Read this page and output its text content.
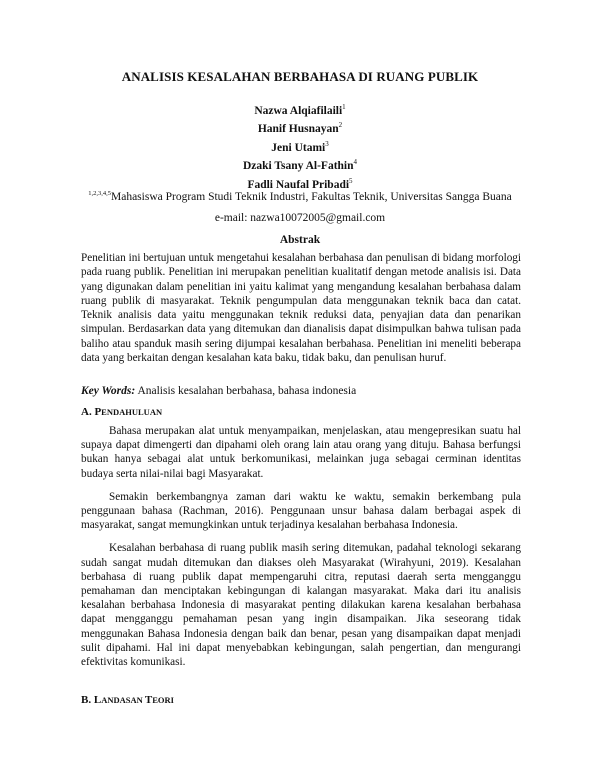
ANALISIS KESALAHAN BERBAHASA DI RUANG PUBLIK
Nazwa Alqiafilaili$^1$
Hanif Husnayan$^2$
Jeni Utami$^3$
Dzaki Tsany Al-Fathin$^4$
Fadli Naufal Pribadi$^5$
$^{1,2,3,4,5}$Mahasiswa Program Studi Teknik Industri, Fakultas Teknik, Universitas Sangga Buana
e-mail: nazwa10072005@gmail.com
Abstrak

Penelitian ini bertujuan untuk mengetahui kesalahan berbahasa dan penulisan di bidang morfologi pada ruang publik. Penelitian ini merupakan penelitian kualitatif dengan metode analisis isi. Data yang digunakan dalam penelitian ini yaitu kalimat yang mengandung kesalahan berbahasa dalam ruang publik di masyarakat. Teknik pengumpulan data menggunakan teknik baca dan catat. Teknik analisis data yaitu menggunakan teknik reduksi data, penyajian data dan penarikan simpulan. Berdasarkan data yang ditemukan dan dianalisis dapat disimpulkan bahwa tulisan pada baliho atau spanduk masih sering dijumpai kesalahan berbahasa. Penelitian ini meneliti beberapa data yang berkaitan dengan kesalahan kata baku, tidak baku, dan penulisan huruf.

Key Words: Analisis kesalahan berbahasa, bahasa indonesia

A. PENDAHULUAN

Bahasa merupakan alat untuk menyampaikan, menjelaskan, atau mengepresikan suatu hal supaya dapat dimengerti dan dipahami oleh orang lain atau orang yang dituju. Bahasa berfungsi bukan hanya sebagai alat untuk berkomunikasi, melainkan juga sebagai cerminan identitas budaya serta nilai-nilai bagi Masyarakat.

Semakin berkembangnya zaman dari waktu ke waktu, semakin berkembang pula penggunaan bahasa (Rachman, 2016). Penggunaan unsur bahasa dalam berbagai aspek di masyarakat, sangat memungkinkan untuk terjadinya kesalahan berbahasa Indonesia.

Kesalahan berbahasa di ruang publik masih sering ditemukan, padahal teknologi sekarang sudah sangat mudah ditemukan dan diakses oleh Masyarakat (Wirahyuni, 2019). Kesalahan berbahasa di ruang publik dapat mempengaruhi citra, reputasi daerah serta mengganggu pemahaman dan menciptakan kebingungan di kalangan masyarakat. Maka dari itu analisis kesalahan berbahasa Indonesia di masyarakat penting dilakukan karena kesalahan berbahasa dapat mengganggu pemahaman pesan yang ingin disampaikan. Jika seseorang tidak menggunakan Bahasa Indonesia dengan baik dan benar, pesan yang disampaikan dapat menjadi sulit dipahami. Hal ini dapat menyebabkan kebingungan, salah pengertian, dan mengurangi efektivitas komunikasi.

B. LANDASAN TEORI
